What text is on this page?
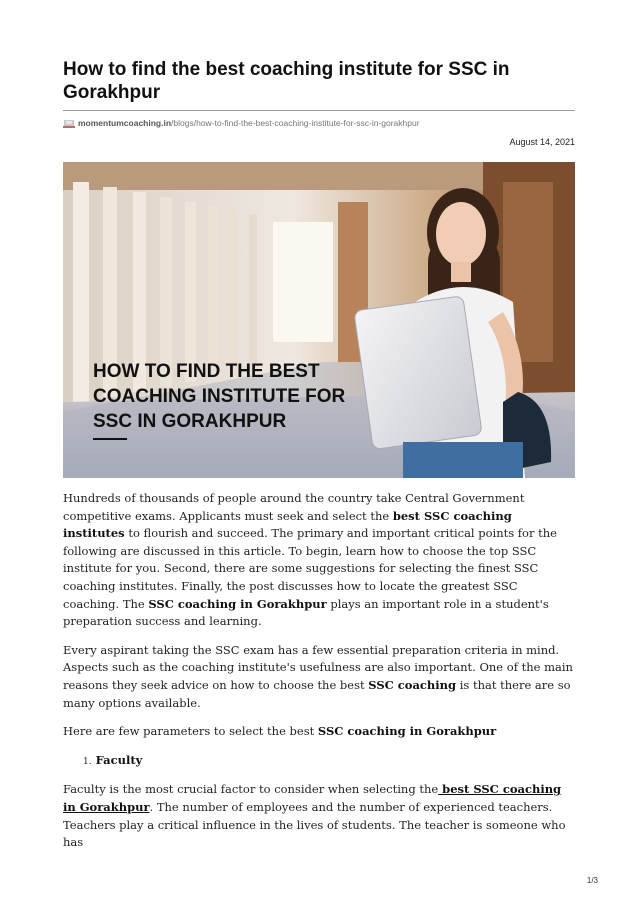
How to find the best coaching institute for SSC in Gorakhpur
momentumcoaching.in/blogs/how-to-find-the-best-coaching-institute-for-ssc-in-gorakhpur
August 14, 2021
HOW TO FIND THE BEST
COACHING INSTITUTE FOR
SSC IN GORAKHPUR

Hundreds of thousands of people around the country take Central Government competitive exams. Applicants must seek and select the best SSC coaching institutes to flourish and succeed. The primary and important critical points for the following are discussed in this article. To begin, learn how to choose the top SSC institute for you. Second, there are some suggestions for selecting the finest SSC coaching institutes. Finally, the post discusses how to locate the greatest SSC coaching. The SSC coaching in Gorakhpur plays an important role in a student's preparation success and learning.

Every aspirant taking the SSC exam has a few essential preparation criteria in mind. Aspects such as the coaching institute's usefulness are also important. One of the main reasons they seek advice on how to choose the best SSC coaching is that there are so many options available.

Here are few parameters to select the best SSC coaching in Gorakhpur

1. Faculty

Faculty is the most crucial factor to consider when selecting the best SSC coaching in Gorakhpur. The number of employees and the number of experienced teachers. Teachers play a critical influence in the lives of students. The teacher is someone who has

1/3
